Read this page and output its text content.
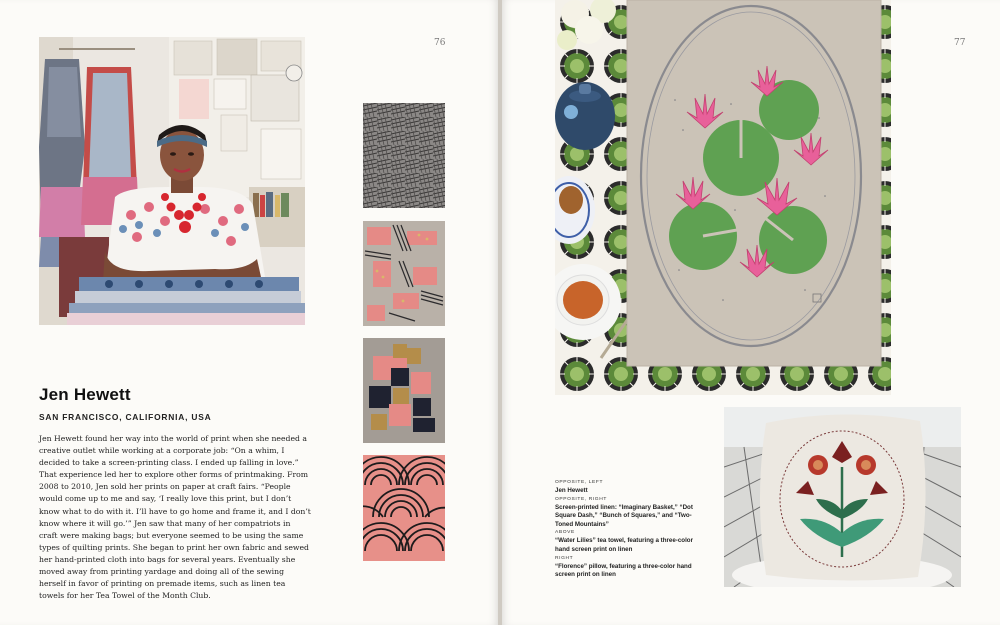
76
Jen Hewett
SAN FRANCISCO, CALIFORNIA, USA

Jen Hewett found her way into the world of print when she needed a creative outlet while working at a corporate job: “On a whim, I decided to take a screen-printing class. I ended up falling in love.” That experience led her to explore other forms of printmaking. From 2008 to 2010, Jen sold her prints on paper at craft fairs. “People would come up to me and say, ‘I really love this print, but I don’t know what to do with it. I’ll have to go home and frame it, and I don’t know where it will go.’” Jen saw that many of her compatriots in craft were making bags; but everyone seemed to be using the same types of quilting prints. She began to print her own fabric and sewed her hand-printed cloth into bags for several years. Eventually she moved away from printing yardage and doing all of the sewing herself in favor of printing on premade items, such as linen tea towels for her Tea Towel of the Month Club.

77
OPPOSITE, LEFT
Jen Hewett
OPPOSITE, RIGHT
Screen-printed linen: “Imaginary Basket,” “Dot Square Dash,” “Bunch of Squares,” and “Two-Toned Mountains”
ABOVE
“Water Lilies” tea towel, featuring a three-color hand screen print on linen
RIGHT
“Florence” pillow, featuring a three-color hand screen print on linen
